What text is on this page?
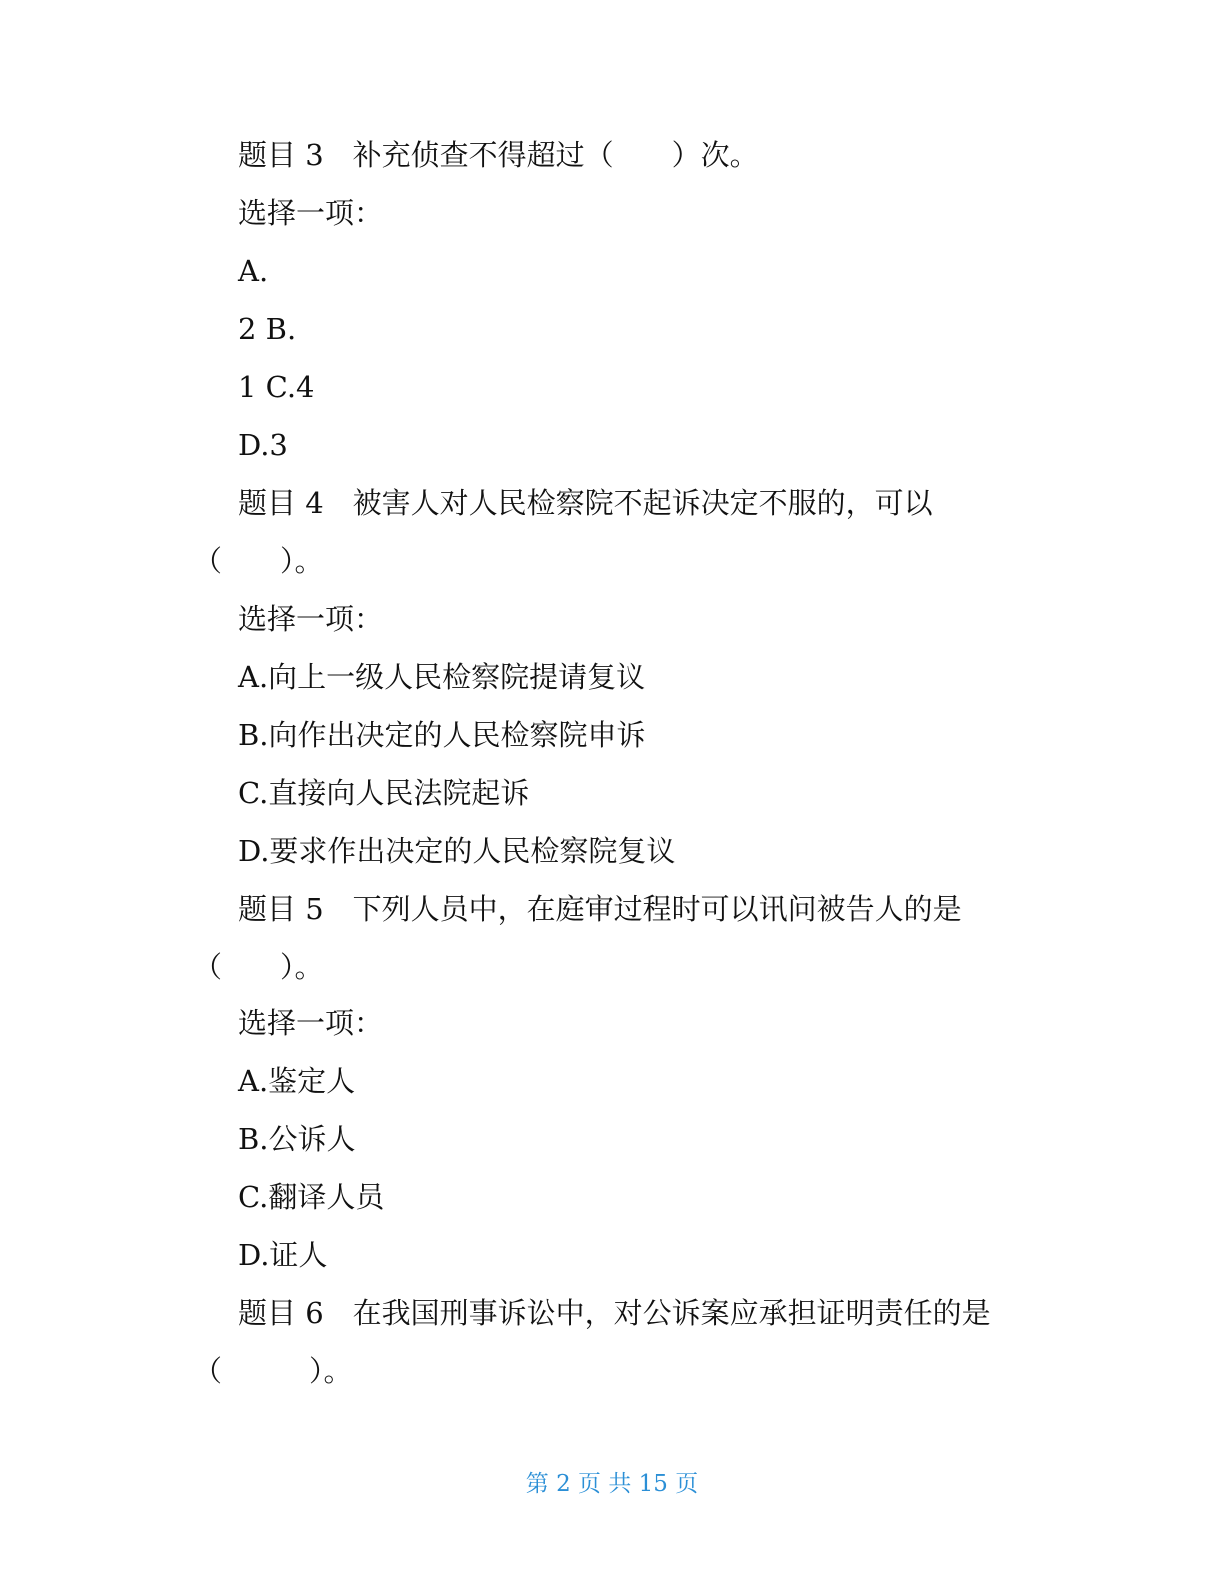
题目 3　补充侦查不得超过（　　）次。
选择一项：
A.
2 B.
1 C.4
D.3
题目 4　被害人对人民检察院不起诉决定不服的，可以
（　　）。
选择一项：
A.向上一级人民检察院提请复议
B.向作出决定的人民检察院申诉
C.直接向人民法院起诉
D.要求作出决定的人民检察院复议
题目 5　下列人员中，在庭审过程时可以讯问被告人的是
（　　）。
选择一项：
A.鉴定人
B.公诉人
C.翻译人员
D.证人
题目 6　在我国刑事诉讼中，对公诉案应承担证明责任的是
（　　　）。
第 2 页 共 15 页
